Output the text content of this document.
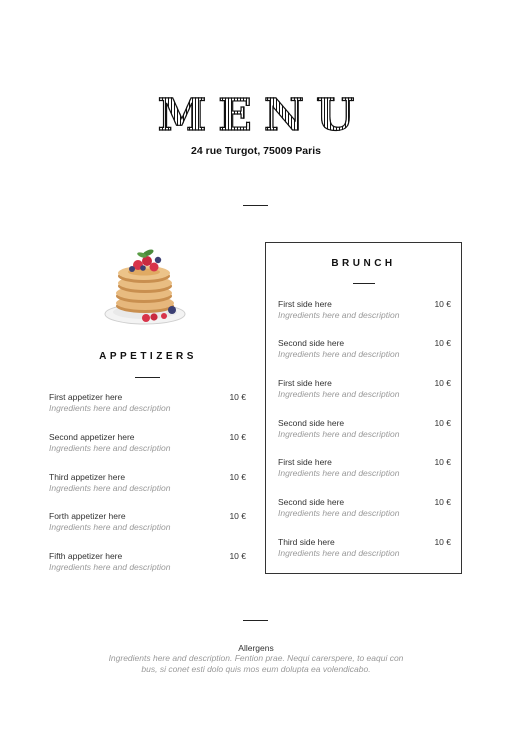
MENU
24 rue Turgot, 75009 Paris
APPETIZERS
First appetizer here
Ingredients here and description
10 €
Second appetizer here
Ingredients here and description
10 €
Third appetizer here
Ingredients here and description
10 €
Forth appetizer here
Ingredients here and description
10 €
Fifth appetizer here
Ingredients here and description
10 €
BRUNCH
First side here
Ingredients here and description
10 €
Second side here
Ingredients here and description
10 €
First side here
Ingredients here and description
10 €
Second side here
Ingredients here and description
10 €
First side here
Ingredients here and description
10 €
Second side here
Ingredients here and description
10 €
Third side here
Ingredients here and description
10 €
Allergens
Ingredients here and description. Fention prae. Nequi carerspere, to eaqui con bus, si conet esti dolo quis mos eum dolupta ea volendicabo.
